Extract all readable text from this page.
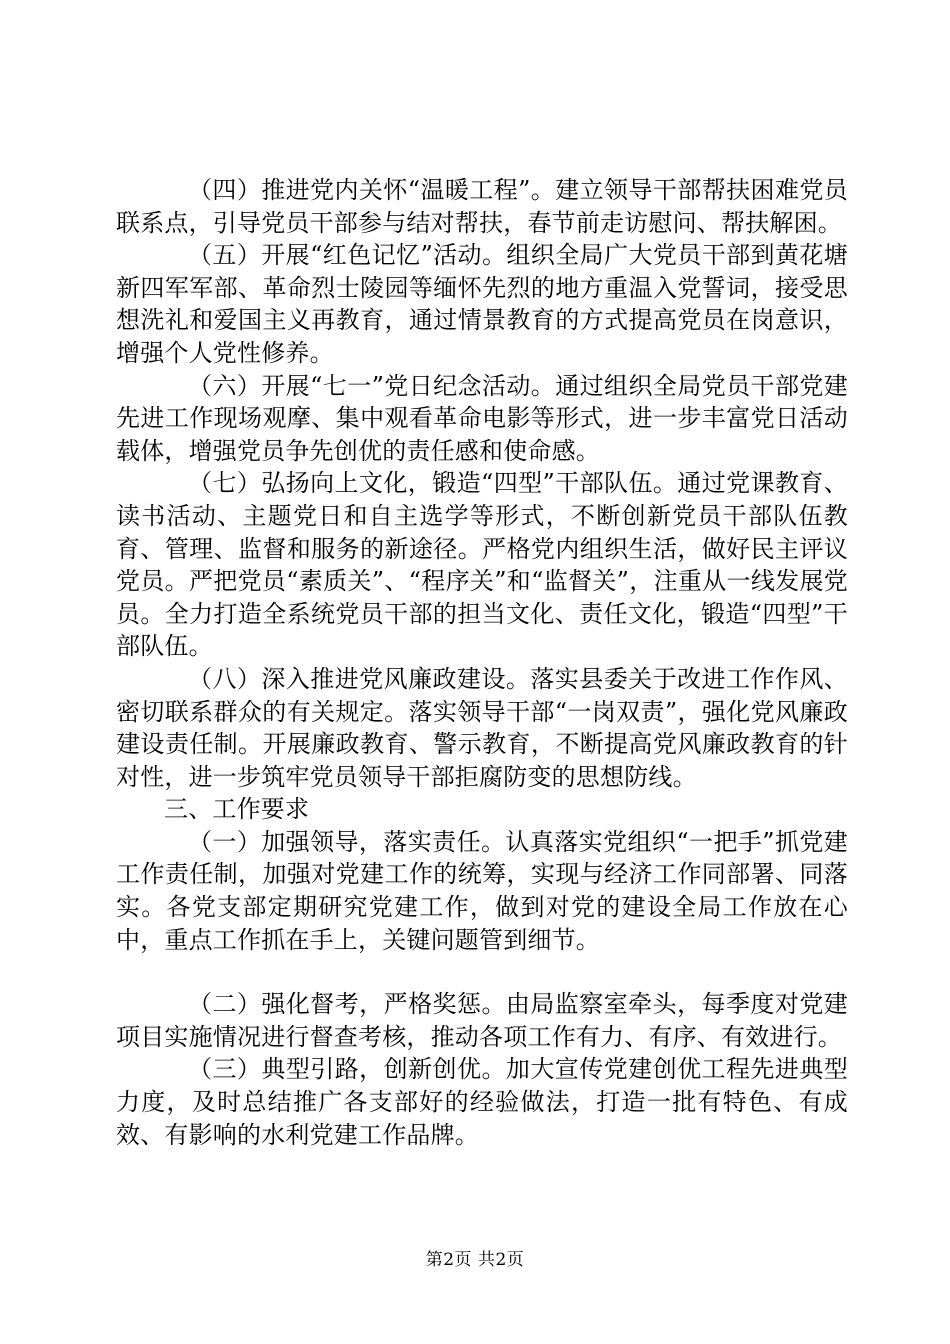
（四）推进党内关怀“温暖工程”。建立领导干部帮扶困难党员联系点，引导党员干部参与结对帮扶，春节前走访慰问、帮扶解困。

（五）开展“红色记忆”活动。组织全局广大党员干部到黄花塘新四军军部、革命烈士陵园等缅怀先烈的地方重温入党誓词，接受思想洗礼和爱国主义再教育，通过情景教育的方式提高党员在岗意识，增强个人党性修养。

（六）开展“七一”党日纪念活动。通过组织全局党员干部党建先进工作现场观摩、集中观看革命电影等形式，进一步丰富党日活动载体，增强党员争先创优的责任感和使命感。

（七）弘扬向上文化，锻造“四型”干部队伍。通过党课教育、读书活动、主题党日和自主选学等形式，不断创新党员干部队伍教育、管理、监督和服务的新途径。严格党内组织生活，做好民主评议党员。严把党员“素质关”、“程序关”和“监督关”，注重从一线发展党员。全力打造全系统党员干部的担当文化、责任文化，锻造“四型”干部队伍。

（八）深入推进党风廉政建设。落实县委关于改进工作作风、密切联系群众的有关规定。落实领导干部“一岗双责”，强化党风廉政建设责任制。开展廉政教育、警示教育，不断提高党风廉政教育的针对性，进一步筑牢党员领导干部拒腐防变的思想防线。

三、工作要求

（一）加强领导，落实责任。认真落实党组织“一把手”抓党建工作责任制，加强对党建工作的统筹，实现与经济工作同部署、同落实。各党支部定期研究党建工作，做到对党的建设全局工作放在心中，重点工作抓在手上，关键问题管到细节。

（二）强化督考，严格奖惩。由局监察室牵头，每季度对党建项目实施情况进行督查考核，推动各项工作有力、有序、有效进行。

（三）典型引路，创新创优。加大宣传党建创优工程先进典型力度，及时总结推广各支部好的经验做法，打造一批有特色、有成效、有影响的水利党建工作品牌。

第2页 共2页
